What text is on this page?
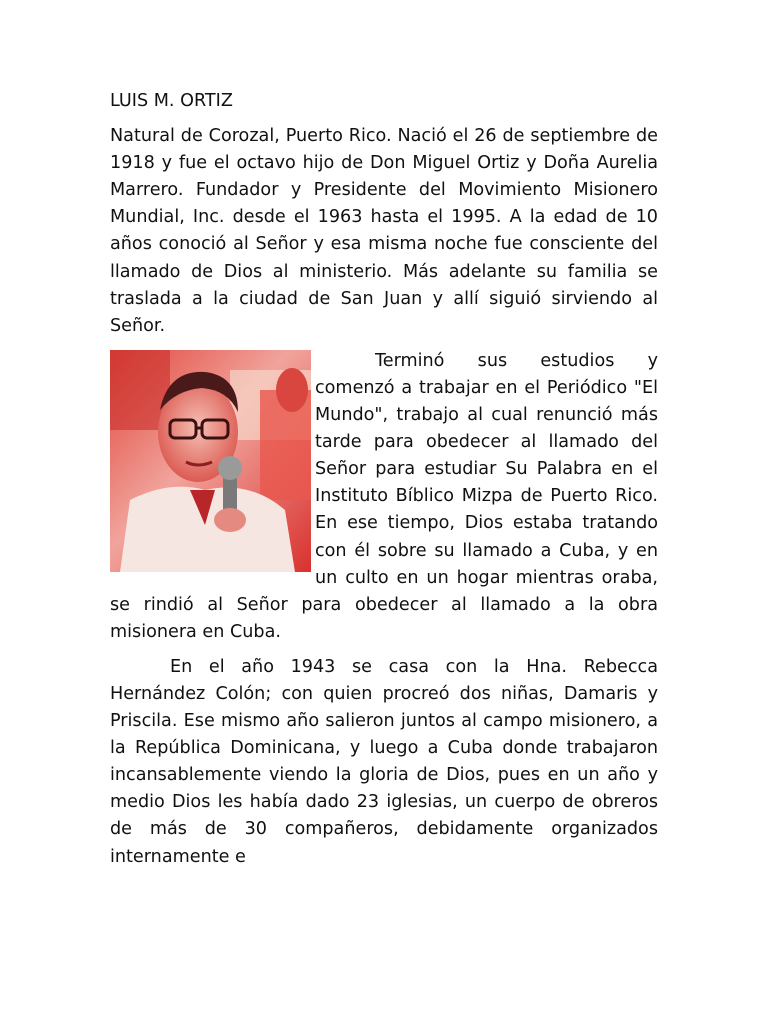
LUIS M. ORTIZ

Natural de Corozal, Puerto Rico. Nació el 26 de septiembre de 1918 y fue el octavo hijo de Don Miguel Ortiz y Doña Aurelia Marrero. Fundador y Presidente del Movimiento Misionero Mundial, Inc. desde el 1963 hasta el 1995. A la edad de 10 años conoció al Señor y esa misma noche fue consciente del llamado de Dios al ministerio. Más adelante su familia se traslada a la ciudad de San Juan y allí siguió sirviendo al Señor.

Terminó sus estudios y comenzó a trabajar en el Periódico "El Mundo", trabajo al cual renunció más tarde para obedecer al llamado del Señor para estudiar Su Palabra en el Instituto Bíblico Mizpa de Puerto Rico. En ese tiempo, Dios estaba tratando con él sobre su llamado a Cuba, y en un culto en un hogar mientras oraba, se rindió al Señor para obedecer al llamado a la obra misionera en Cuba.

En el año 1943 se casa con la Hna. Rebecca Hernández Colón; con quien procreó dos niñas, Damaris y Priscila. Ese mismo año salieron juntos al campo misionero, a la República Dominicana, y luego a Cuba donde trabajaron incansablemente viendo la gloria de Dios, pues en un año y medio Dios les había dado 23 iglesias, un cuerpo de obreros de más de 30 compañeros, debidamente organizados internamente e
